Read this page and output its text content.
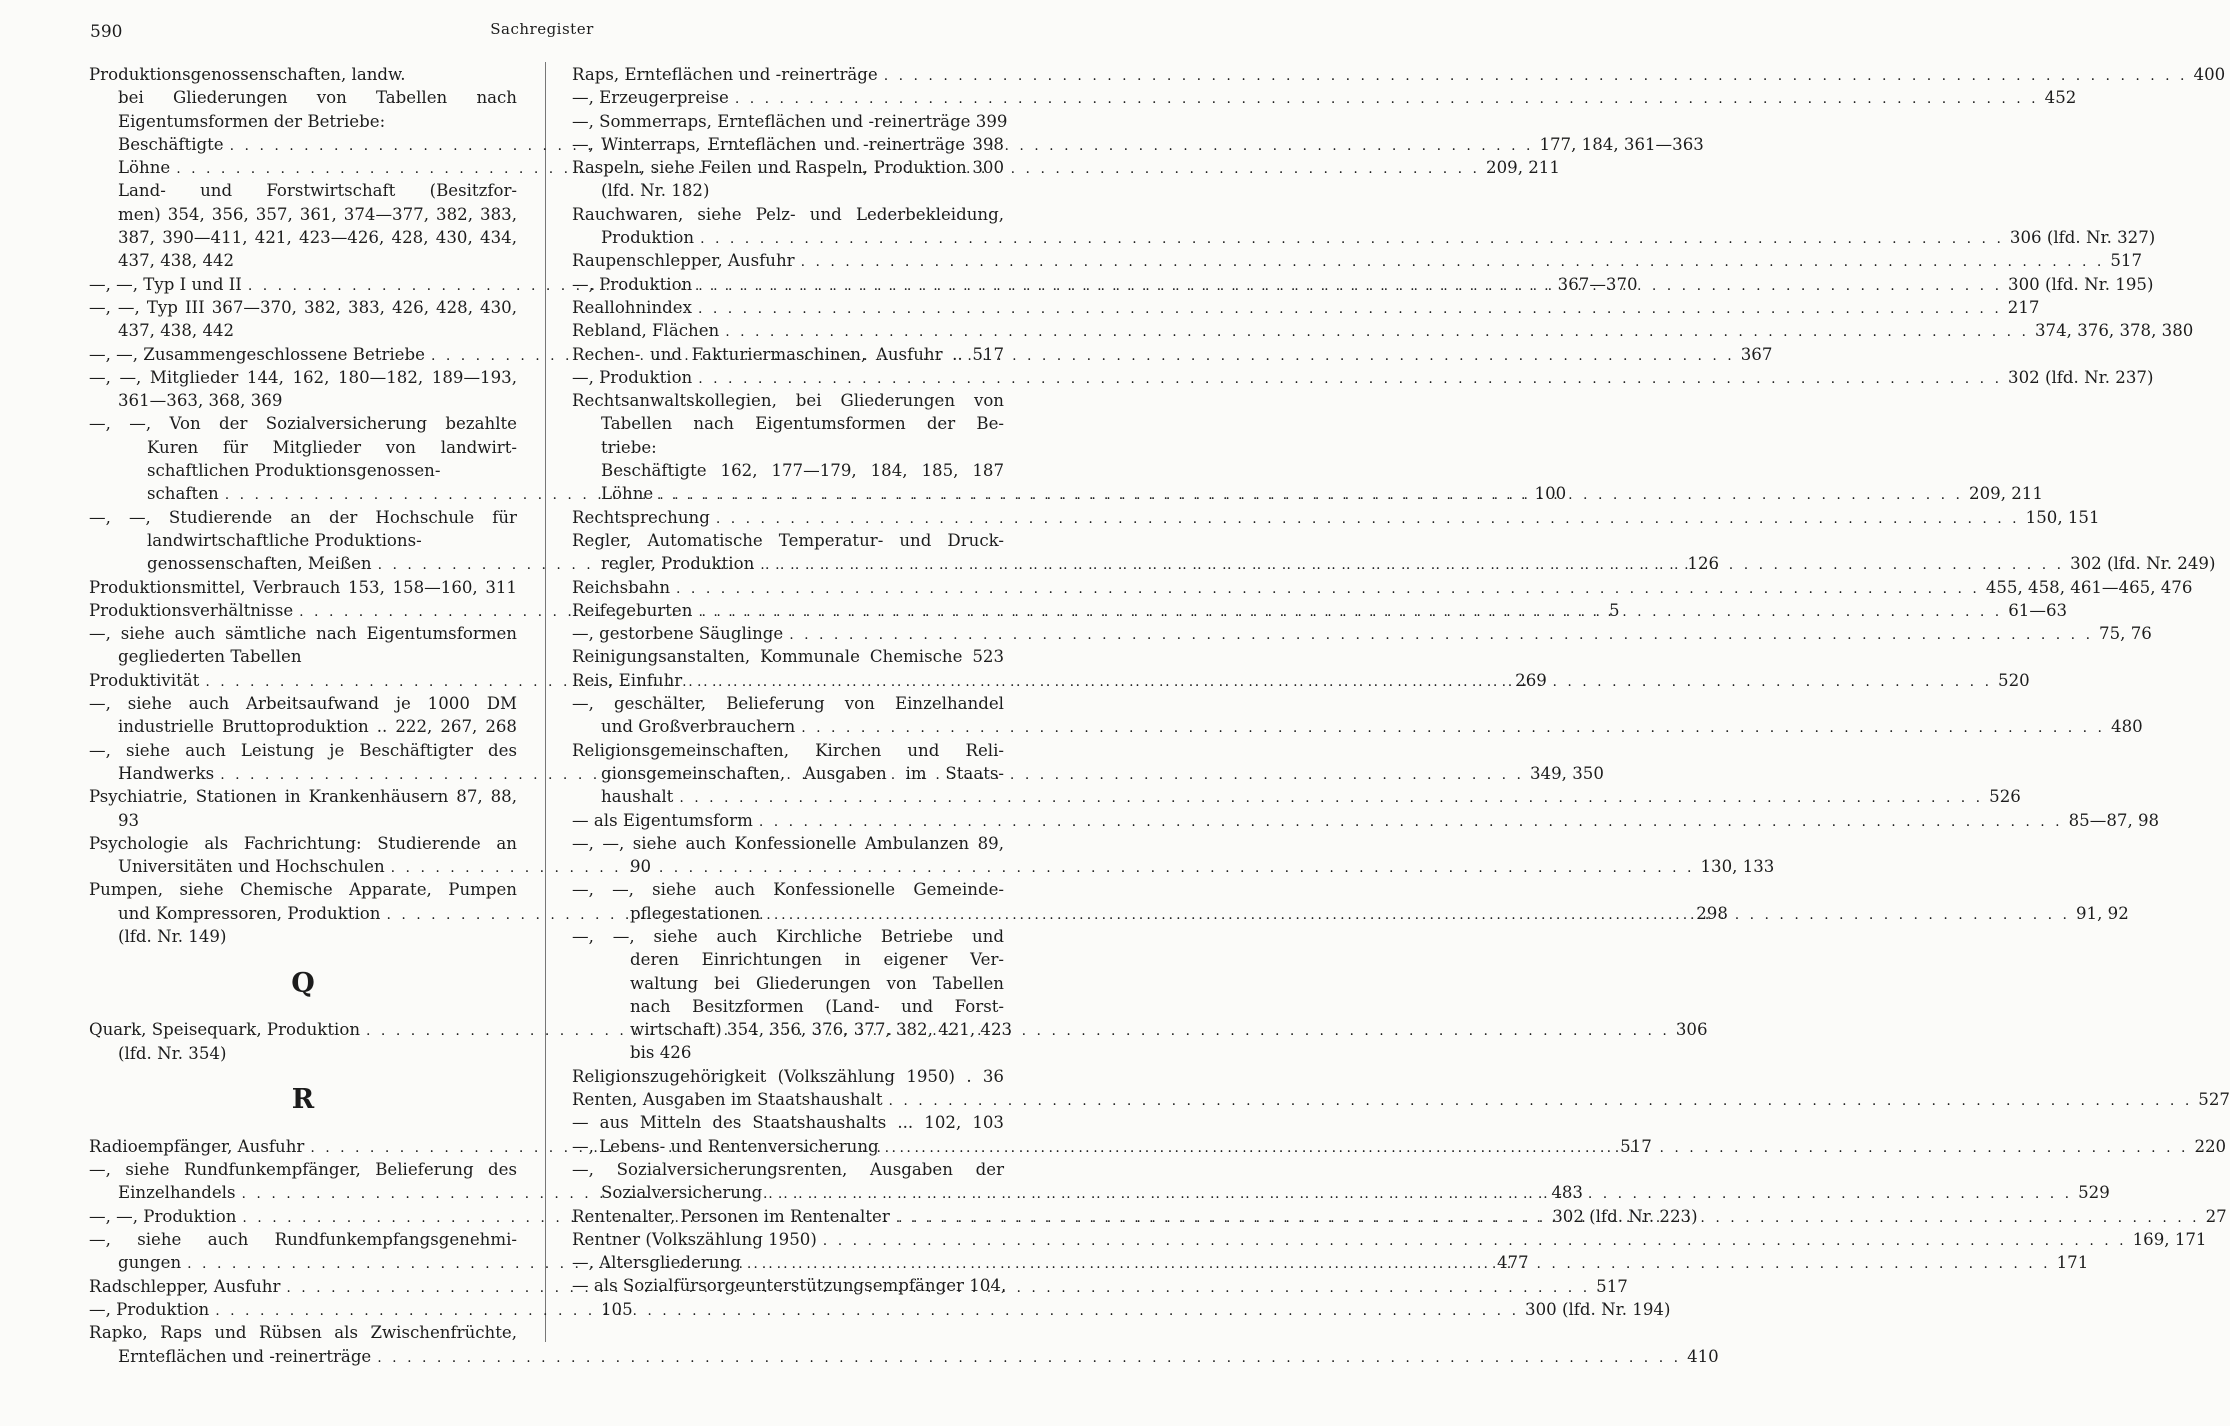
590	Sachregister
Produktionsgenossenschaften, landw.
bei Gliederungen von Tabellen nach
Eigentumsformen der Betriebe:
Beschäftigte . . .	177, 184, 361—363
Löhne . . .	209, 211
Land- und Forstwirtschaft (Besitzfor-
men) 354, 356, 357, 361, 374—377, 382, 383,
387, 390—411, 421, 423—426, 428, 430, 434,
437, 438, 442
—, —, Typ I und II . . .	367—370
—, —, Typ III 367—370, 382, 383, 426, 428, 430,
437, 438, 442
—, —, Zusammengeschlossene Betriebe . . .	367
—, —, Mitglieder 144, 162, 180—182, 189—193,
361—363, 368, 369
—, —, Von der Sozialversicherung bezahlte
Kuren für Mitglieder von landwirt-
schaftlichen Produktionsgenossen-
schaften . . .	100
—, —, Studierende an der Hochschule für
landwirtschaftliche Produktions-
genossenschaften, Meißen . . .	126
Produktionsmittel, Verbrauch 153, 158—160, 311
Produktionsverhältnisse . . .	5
—, siehe auch sämtliche nach Eigentumsformen
gegliederten Tabellen
Produktivität . . .	269
—, siehe auch Arbeitsaufwand je 1000 DM
industrielle Bruttoproduktion .. 222, 267, 268
—, siehe auch Leistung je Beschäftigter des
Handwerks . . .	349, 350
Psychiatrie, Stationen in Krankenhäusern 87, 88,
93
Psychologie als Fachrichtung: Studierende an
Universitäten und Hochschulen . . .	130, 133
Pumpen, siehe Chemische Apparate, Pumpen
und Kompressoren, Produktion . . .	298
(lfd. Nr. 149)
Q
Quark, Speisequark, Produktion . . .	306
(lfd. Nr. 354)
R
Radioempfänger, Ausfuhr . . .	517
—, siehe Rundfunkempfänger, Belieferung des
Einzelhandels . . .	483
—, —, Produktion . . .	302 (lfd. Nr. 223)
—, siehe auch Rundfunkempfangsgenehmi-
gungen . . .	477
Radschlepper, Ausfuhr . . .	517
—, Produktion . . .	300 (lfd. Nr. 194)
Rapko, Raps und Rübsen als Zwischenfrüchte,
Ernteflächen und -reinerträge . . .	410
Raps, Ernteflächen und -reinerträge . . .	400
—, Erzeugerpreise . . .	452
—, Sommerraps, Ernteflächen und -reinerträge 399
—, Winterraps, Ernteflächen und -reinerträge 398
Raspeln, siehe Feilen und Raspeln, Produktion 300
(lfd. Nr. 182)
Rauchwaren, siehe Pelz- und Lederbekleidung,
Produktion . . .	306 (lfd. Nr. 327)
Raupenschlepper, Ausfuhr . . .	517
—, Produktion . . .	300 (lfd. Nr. 195)
Reallohnindex . . .	217
Rebland, Flächen . . .	374, 376, 378, 380
Rechen- und Fakturiermaschinen, Ausfuhr .. 517
—, Produktion . . .	302 (lfd. Nr. 237)
Rechtsanwaltskollegien, bei Gliederungen von
Tabellen nach Eigentumsformen der Be-
triebe:
Beschäftigte 162, 177—179, 184, 185, 187
Löhne . . .	209, 211
Rechtsprechung . . .	150, 151
Regler, Automatische Temperatur- und Druck-
regler, Produktion . . .	302 (lfd. Nr. 249)
Reichsbahn . . .	455, 458, 461—465, 476
Reifegeburten . . .	61—63
—, gestorbene Säuglinge . . .	75, 76
Reinigungsanstalten, Kommunale Chemische 523
Reis, Einfuhr . . .	520
—, geschälter, Belieferung von Einzelhandel
und Großverbrauchern . . .	480
Religionsgemeinschaften, Kirchen und Reli-
gionsgemeinschaften, Ausgaben im Staats-
haushalt . . .	526
— als Eigentumsform . . .	85—87, 98
—, —, siehe auch Konfessionelle Ambulanzen 89,
90
—, —, siehe auch Konfessionelle Gemeinde-
pflegestationen . . .	91, 92
—, —, siehe auch Kirchliche Betriebe und
deren Einrichtungen in eigener Ver-
waltung bei Gliederungen von Tabellen
nach Besitzformen (Land- und Forst-
wirtschaft) 354, 356, 376, 377, 382, 421, 423
bis 426
Religionszugehörigkeit (Volkszählung 1950) . 36
Renten, Ausgaben im Staatshaushalt . . .	527
— aus Mitteln des Staatshaushalts ... 102, 103
—, Lebens- und Rentenversicherung . . .	220
—, Sozialversicherungsrenten, Ausgaben der
Sozialversicherung . . .	529
Rentenalter, Personen im Rentenalter . . .	27
Rentner (Volkszählung 1950) . . .	169, 171
—, Altersgliederung . . .	171
— als Sozialfürsorgeunterstützungsempfänger 104,
105
